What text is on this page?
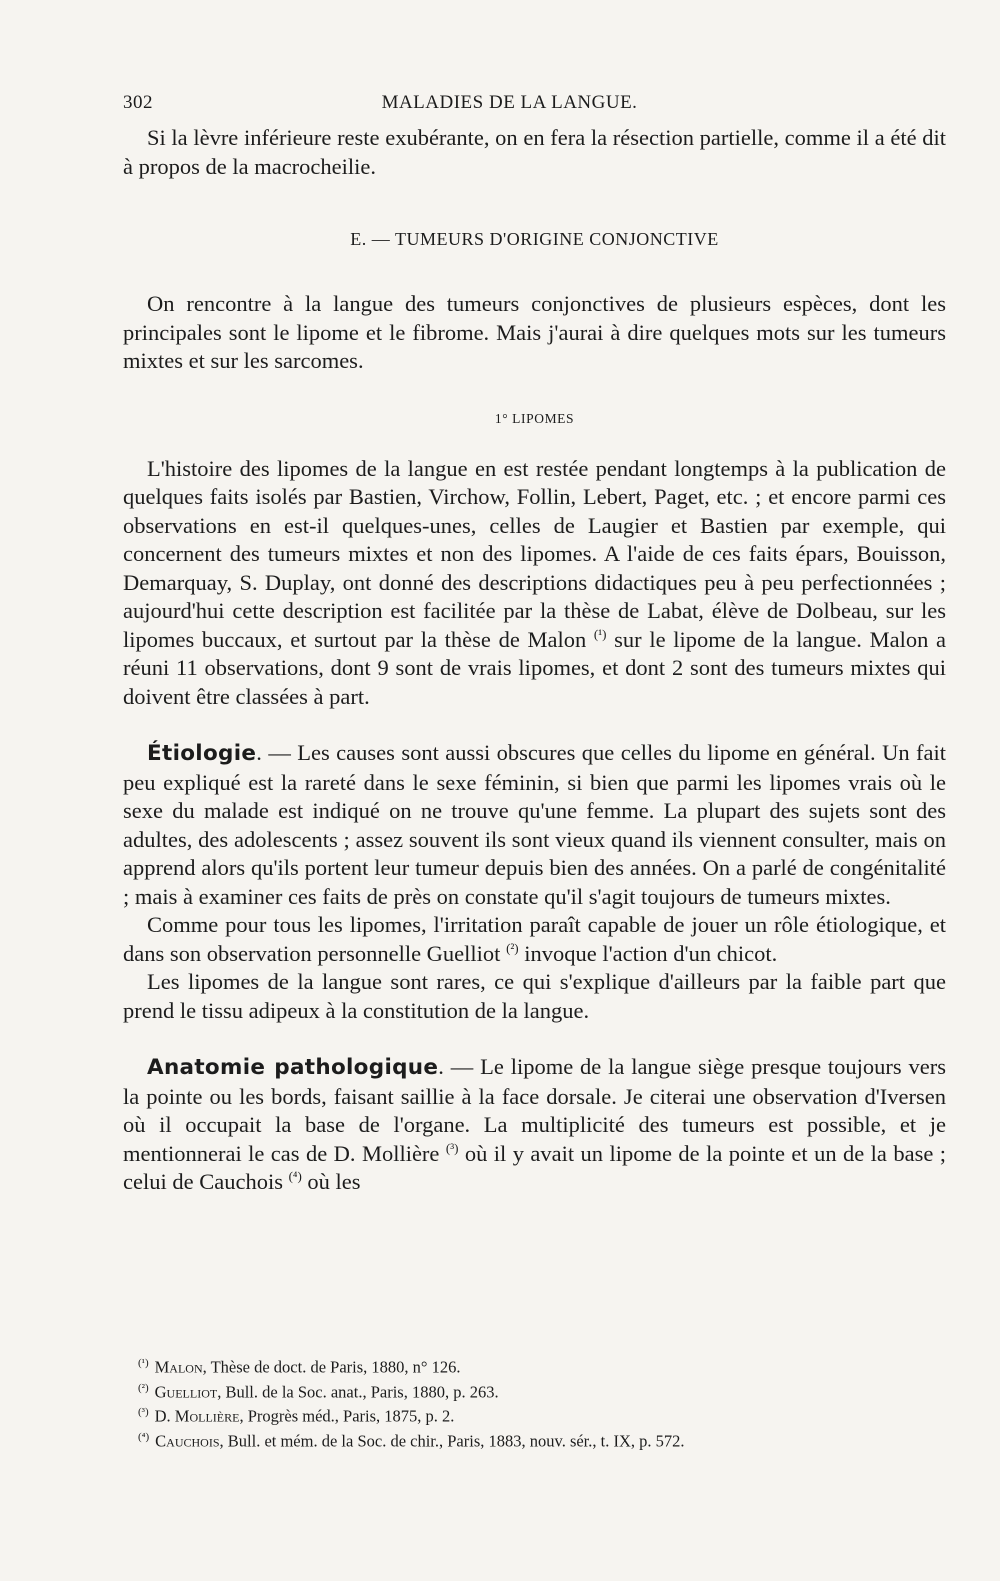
302	MALADIES DE LA LANGUE.

Si la lèvre inférieure reste exubérante, on en fera la résection partielle, comme il a été dit à propos de la macrocheilie.

E. — TUMEURS D'ORIGINE CONJONCTIVE

On rencontre à la langue des tumeurs conjonctives de plusieurs espèces, dont les principales sont le lipome et le fibrome. Mais j'aurai à dire quelques mots sur les tumeurs mixtes et sur les sarcomes.

1° LIPOMES

L'histoire des lipomes de la langue en est restée pendant longtemps à la publication de quelques faits isolés par Bastien, Virchow, Follin, Lebert, Paget, etc. ; et encore parmi ces observations en est-il quelques-unes, celles de Laugier et Bastien par exemple, qui concernent des tumeurs mixtes et non des lipomes. A l'aide de ces faits épars, Bouisson, Demarquay, S. Duplay, ont donné des descriptions didactiques peu à peu perfectionnées ; aujourd'hui cette description est facilitée par la thèse de Labat, élève de Dolbeau, sur les lipomes buccaux, et surtout par la thèse de Malon $^{(^1)}$ sur le lipome de la langue. Malon a réuni 11 observations, dont 9 sont de vrais lipomes, et dont 2 sont des tumeurs mixtes qui doivent être classées à part.

Étiologie. — Les causes sont aussi obscures que celles du lipome en général. Un fait peu expliqué est la rareté dans le sexe féminin, si bien que parmi les lipomes vrais où le sexe du malade est indiqué on ne trouve qu'une femme. La plupart des sujets sont des adultes, des adolescents ; assez souvent ils sont vieux quand ils viennent consulter, mais on apprend alors qu'ils portent leur tumeur depuis bien des années. On a parlé de congénitalité ; mais à examiner ces faits de près on constate qu'il s'agit toujours de tumeurs mixtes.

Comme pour tous les lipomes, l'irritation paraît capable de jouer un rôle étiologique, et dans son observation personnelle Guelliot $^{(^2)}$ invoque l'action d'un chicot.

Les lipomes de la langue sont rares, ce qui s'explique d'ailleurs par la faible part que prend le tissu adipeux à la constitution de la langue.

Anatomie pathologique. — Le lipome de la langue siège presque toujours vers la pointe ou les bords, faisant saillie à la face dorsale. Je citerai une observation d'Iversen où il occupait la base de l'organe. La multiplicité des tumeurs est possible, et je mentionnerai le cas de D. Mollière $^{(^3)}$ où il y avait un lipome de la pointe et un de la base ; celui de Cauchois $^{(^4)}$ où les

$^{(^1)}$ Malon, Thèse de doct. de Paris, 1880, n° 126.
$^{(^2)}$ Guelliot, Bull. de la Soc. anat., Paris, 1880, p. 263.
$^{(^3)}$ D. Mollière, Progrès méd., Paris, 1875, p. 2.
$^{(^4)}$ Cauchois, Bull. et mém. de la Soc. de chir., Paris, 1883, nouv. sér., t. IX, p. 572.
